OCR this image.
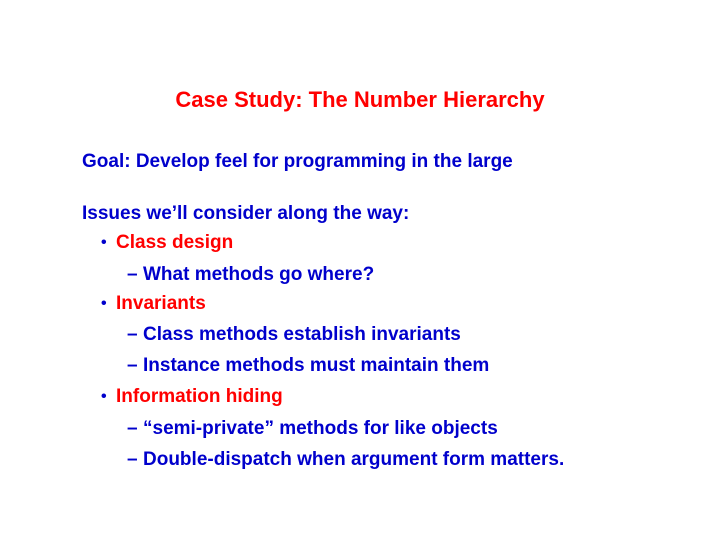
Case Study: The Number Hierarchy
Goal: Develop feel for programming in the large
Issues we’ll consider along the way:
• Class design
– What methods go where?
• Invariants
– Class methods establish invariants
– Instance methods must maintain them
• Information hiding
– “semi-private” methods for like objects
– Double-dispatch when argument form matters.
